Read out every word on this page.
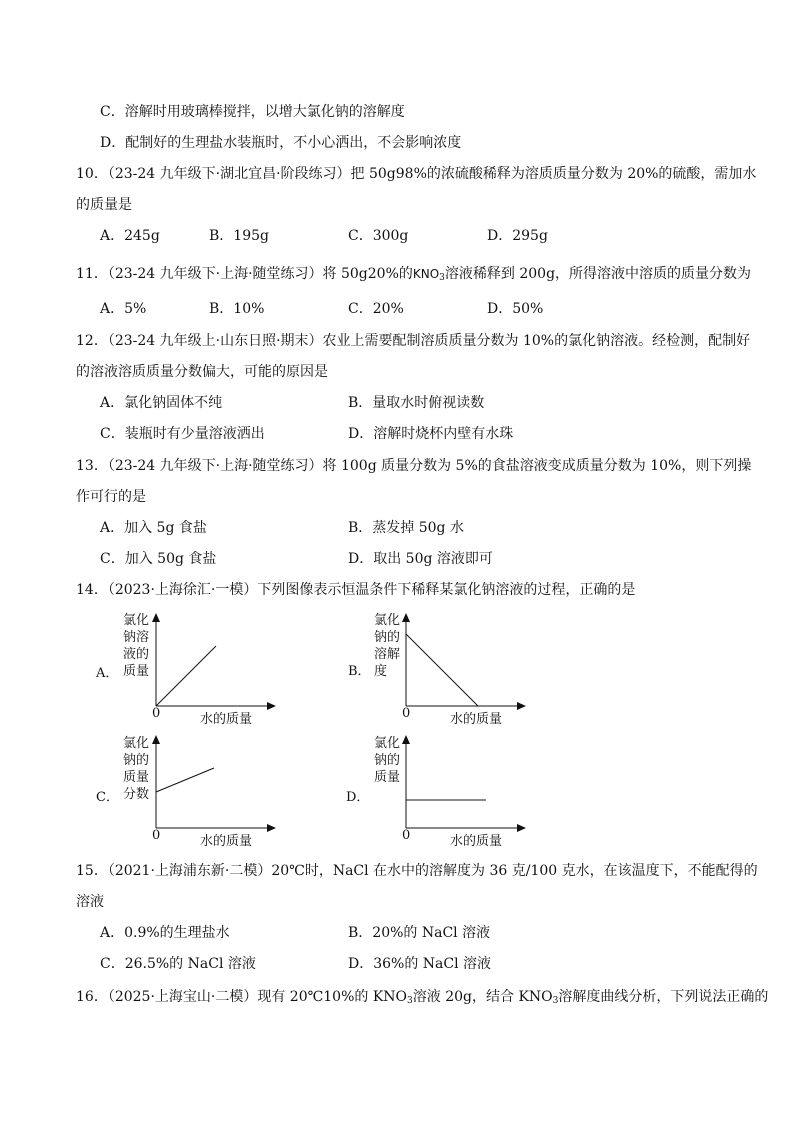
C．溶解时用玻璃棒搅拌，以增大氯化钠的溶解度
D．配制好的生理盐水装瓶时，不小心洒出，不会影响浓度
10．（23-24 九年级下·湖北宜昌·阶段练习）把 50g98%的浓硫酸稀释为溶质质量分数为 20%的硫酸，需加水
的质量是
A．245g	B．195g	C．300g	D．295g
11．（23-24 九年级下·上海·随堂练习）将 50g20%的$KNO_3$溶液稀释到 200g，所得溶液中溶质的质量分数为
A．5%	B．10%	C．20%	D．50%
12．（23-24 九年级上·山东日照·期末）农业上需要配制溶质质量分数为 10%的氯化钠溶液。经检测，配制好
的溶液溶质质量分数偏大，可能的原因是
A．氯化钠固体不纯	B．量取水时俯视读数
C．装瓶时有少量溶液洒出	D．溶解时烧杯内壁有水珠
13．（23-24 九年级下·上海·随堂练习）将 100g 质量分数为 5%的食盐溶液变成质量分数为 10%，则下列操
作可行的是
A．加入 5g 食盐	B．蒸发掉 50g 水
C．加入 50g 食盐	D．取出 50g 溶液即可
14．（2023·上海徐汇·一模）下列图像表示恒温条件下稀释某氯化钠溶液的过程，正确的是
A．
氯化
钠溶
液的
质量
0	水的质量
B．
氯化
钠的
溶解
度
0	水的质量
C．
氯化
钠的
质量
分数
0	水的质量
D．
氯化
钠的
质量
0	水的质量
15．（2021·上海浦东新·二模）20℃时，NaCl 在水中的溶解度为 36 克/100 克水，在该温度下，不能配得的
溶液
A．0.9%的生理盐水	B．20%的 NaCl 溶液
C．26.5%的 NaCl 溶液	D．36%的 NaCl 溶液
16．（2025·上海宝山·二模）现有 20℃10%的 $KNO_3$溶液 20g，结合 $KNO_3$溶解度曲线分析，下列说法正确的
